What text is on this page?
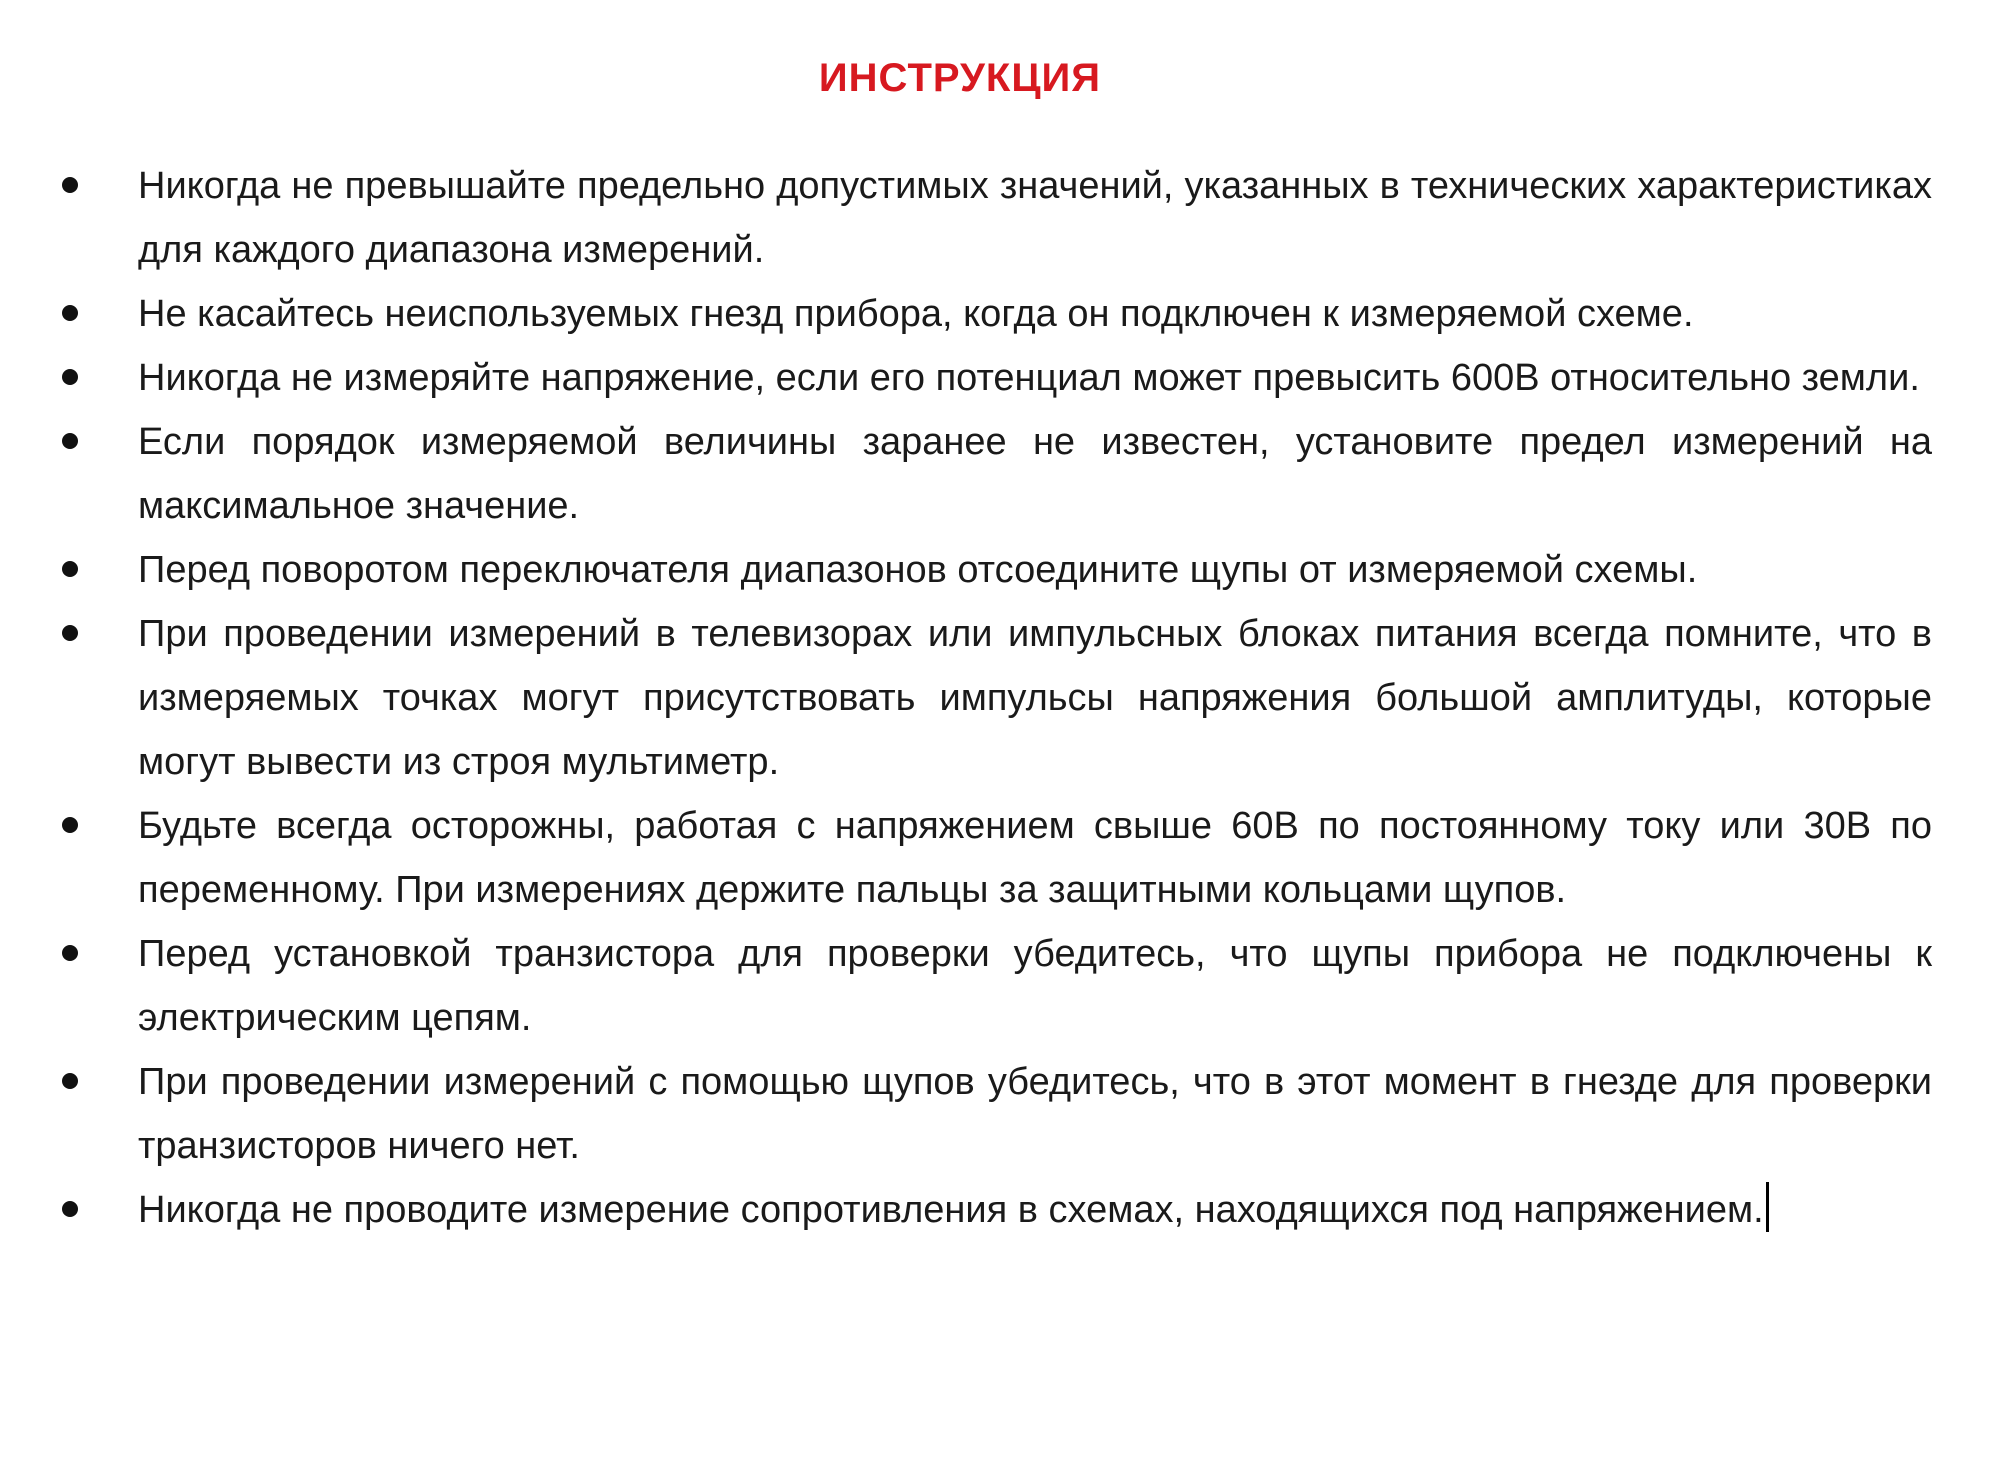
ИНСТРУКЦИЯ
Никогда не превышайте предельно допустимых значений, указанных в технических характеристиках для каждого диапазона измерений.
Не касайтесь неиспользуемых гнезд прибора, когда он подключен к измеряемой схеме.
Никогда не измеряйте напряжение, если его потенциал может превысить 600В относительно земли.
Если порядок измеряемой величины заранее не известен, установите предел измерений на максимальное значение.
Перед поворотом переключателя диапазонов отсоедините щупы от измеряемой схемы.
При проведении измерений в телевизорах или импульсных блоках питания всегда помните, что в измеряемых точках могут присутствовать импульсы напряжения большой амплитуды, которые могут вывести из строя мультиметр.
Будьте всегда осторожны, работая с напряжением свыше 60В по постоянному току или 30В по переменному. При измерениях держите пальцы за защитными кольцами щупов.
Перед установкой транзистора для проверки убедитесь, что щупы прибора не подключены к электрическим цепям.
При проведении измерений с помощью щупов убедитесь, что в этот момент в гнезде для проверки транзисторов ничего нет.
Никогда не проводите измерение сопротивления в схемах, находящихся под напряжением.
